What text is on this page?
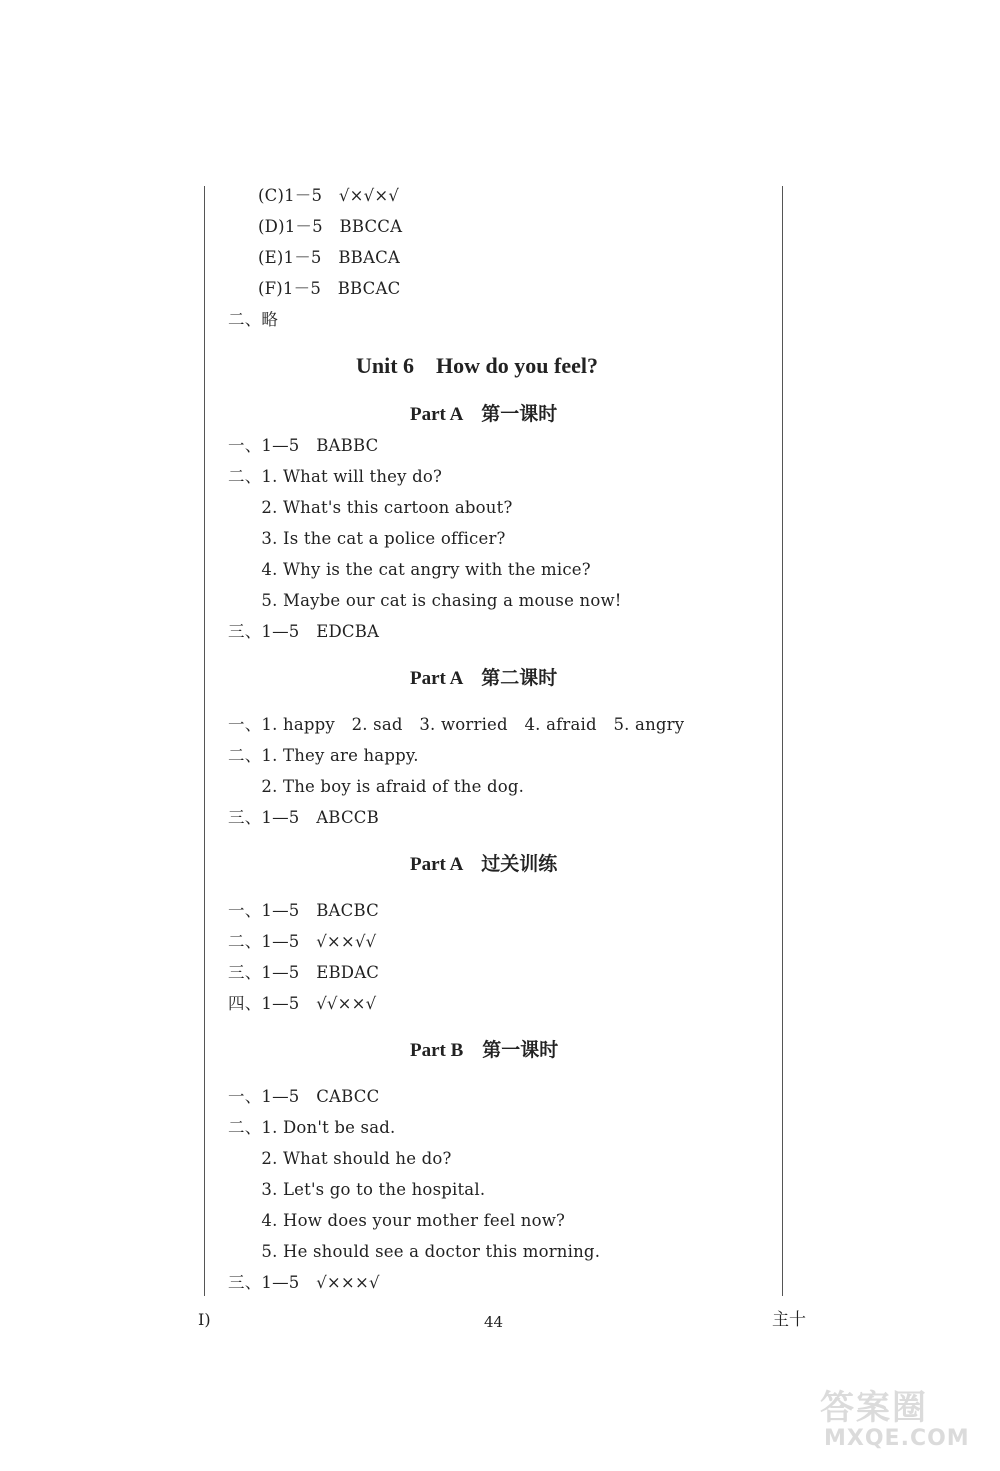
(C)1－5　√×√×√
(D)1－5　BBCCA
(E)1－5　BBACA
(F)1－5　BBCAC
二、略
Unit 6　How do you feel?
Part A　第一课时
一、1—5　BABBC
二、1. What will they do?
　　2. What's this cartoon about?
　　3. Is the cat a police officer?
　　4. Why is the cat angry with the mice?
　　5. Maybe our cat is chasing a mouse now!
三、1—5　EDCBA
Part A　第二课时
一、1. happy　2. sad　3. worried　4. afraid　5. angry
二、1. They are happy.
　　2. The boy is afraid of the dog.
三、1—5　ABCCB
Part A　过关训练
一、1—5　BACBC
二、1—5　√××√√
三、1—5　EBDAC
四、1—5　√√××√
Part B　第一课时
一、1—5　CABCC
二、1. Don't be sad.
　　2. What should he do?
　　3. Let's go to the hospital.
　　4. How does your mother feel now?
　　5. He should see a doctor this morning.
三、1—5　√×××√
I)	44	主十
答案圈
MXQE.COM
